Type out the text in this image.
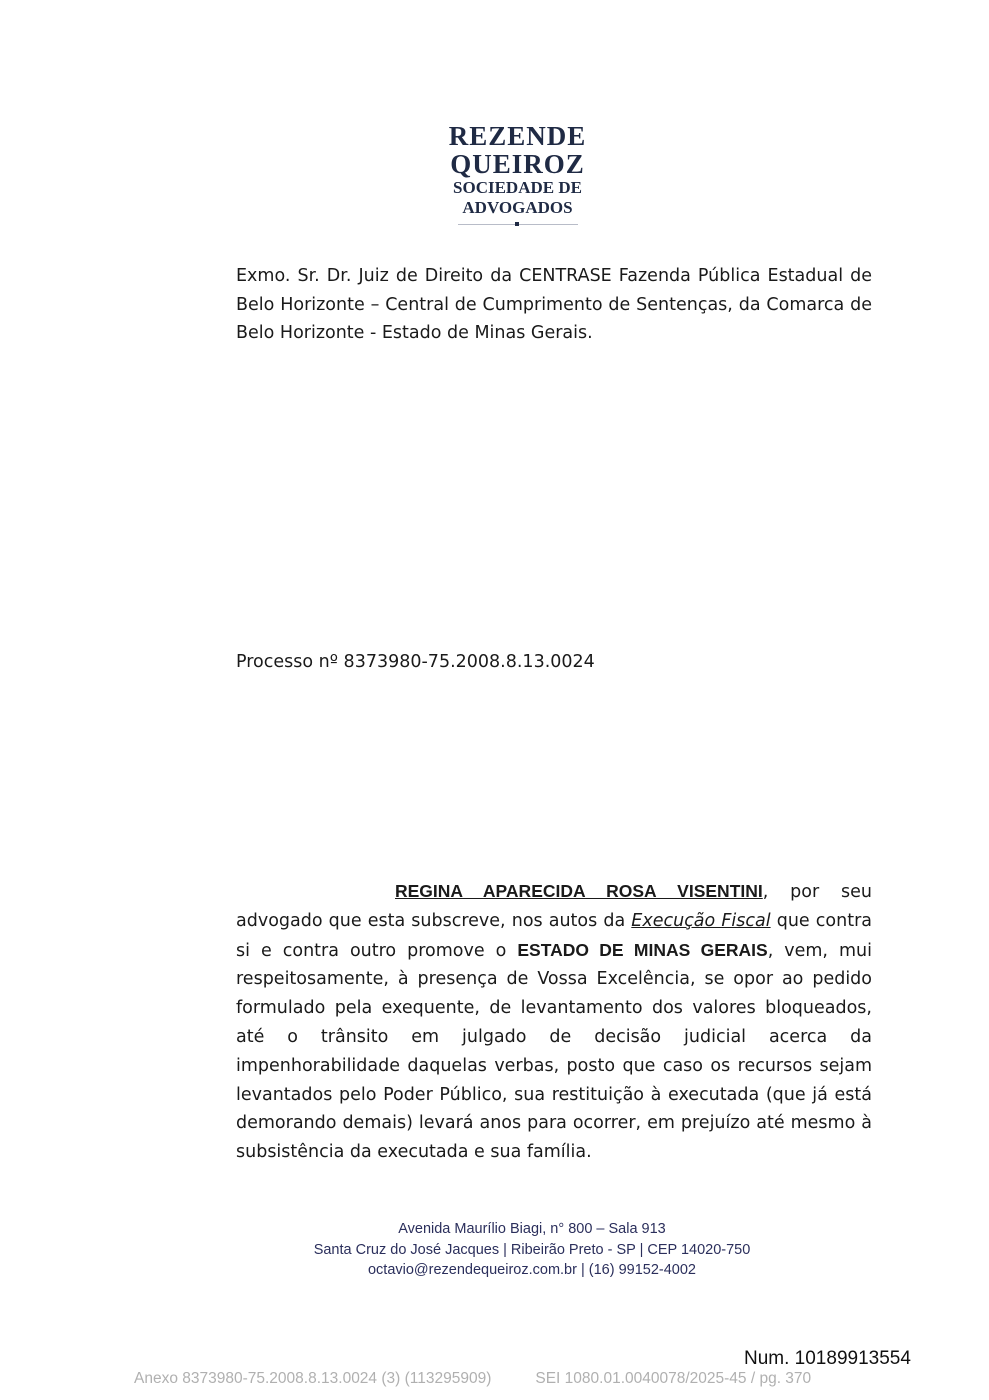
REZENDE
QUEIROZ
SOCIEDADE DE
ADVOGADOS
Exmo. Sr. Dr. Juiz de Direito da CENTRASE Fazenda Pública Estadual de Belo Horizonte – Central de Cumprimento de Sentenças, da Comarca de Belo Horizonte - Estado de Minas Gerais.
Processo nº 8373980-75.2008.8.13.0024
REGINA APARECIDA ROSA VISENTINI, por seu advogado que esta subscreve, nos autos da Execução Fiscal que contra si e contra outro promove o ESTADO DE MINAS GERAIS, vem, mui respeitosamente, à presença de Vossa Excelência, se opor ao pedido formulado pela exequente, de levantamento dos valores bloqueados, até o trânsito em julgado de decisão judicial acerca da impenhorabilidade daquelas verbas, posto que caso os recursos sejam levantados pelo Poder Público, sua restituição à executada (que já está demorando demais) levará anos para ocorrer, em prejuízo até mesmo à subsistência da executada e sua família.
Avenida Maurílio Biagi, n° 800 – Sala 913
Santa Cruz do José Jacques | Ribeirão Preto - SP | CEP 14020-750
octavio@rezendequeiroz.com.br | (16) 99152-4002
Num. 10189913554
Anexo 8373980-75.2008.8.13.0024 (3) (113295909)	SEI 1080.01.0040078/2025-45 / pg. 370
